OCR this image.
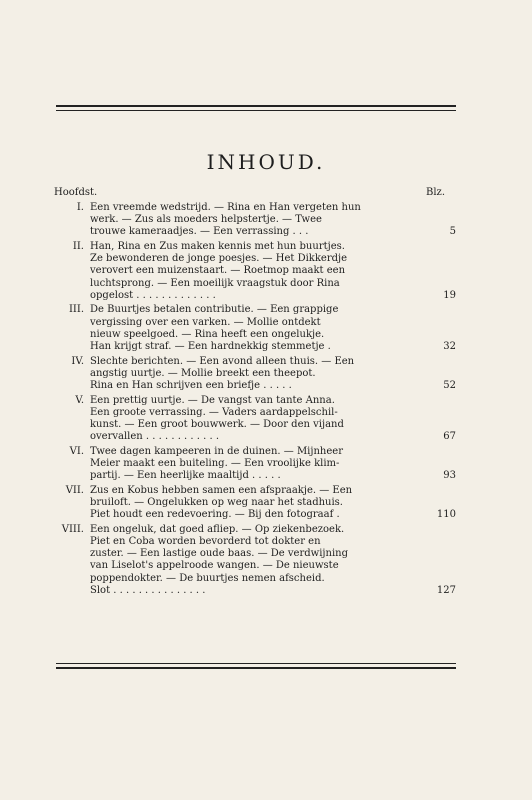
INHOUD.
Hoofdst.	Blz.
I. Een vreemde wedstrijd. — Rina en Han vergeten hun
werk. — Zus als moeders helpstertje. — Twee
trouwe kameraadjes. — Een verrassing . . .	5
II. Han, Rina en Zus maken kennis met hun buurtjes.
Ze bewonderen de jonge poesjes. — Het Dikkerdje
verovert een muizenstaart. — Roetmop maakt een
luchtsprong. — Een moeilijk vraagstuk door Rina
opgelost . . . . . . . . . . . . .	19
III. De Buurtjes betalen contributie. — Een grappige
vergissing over een varken. — Mollie ontdekt
nieuw speelgoed. — Rina heeft een ongelukje.
Han krijgt straf. — Een hardnekkig stemmetje .	32
IV. Slechte berichten. — Een avond alleen thuis. — Een
angstig uurtje. — Mollie breekt een theepot.
Rina en Han schrijven een briefje . . . . .	52
V. Een prettig uurtje. — De vangst van tante Anna.
Een groote verrassing. — Vaders aardappelschil-
kunst. — Een groot bouwwerk. — Door den vijand
overvallen . . . . . . . . . . . .	67
VI. Twee dagen kampeeren in de duinen. — Mijnheer
Meier maakt een buiteling. — Een vroolijke klim-
partij. — Een heerlijke maaltijd . . . . .	93
VII. Zus en Kobus hebben samen een afspraakje. — Een
bruiloft. — Ongelukken op weg naar het stadhuis.
Piet houdt een redevoering. — Bij den fotograaf .	110
VIII. Een ongeluk, dat goed afliep. — Op ziekenbezoek.
Piet en Coba worden bevorderd tot dokter en
zuster. — Een lastige oude baas. — De verdwijning
van Liselot's appelroode wangen. — De nieuwste
poppendokter. — De buurtjes nemen afscheid.
Slot . . . . . . . . . . . . . . .	127
